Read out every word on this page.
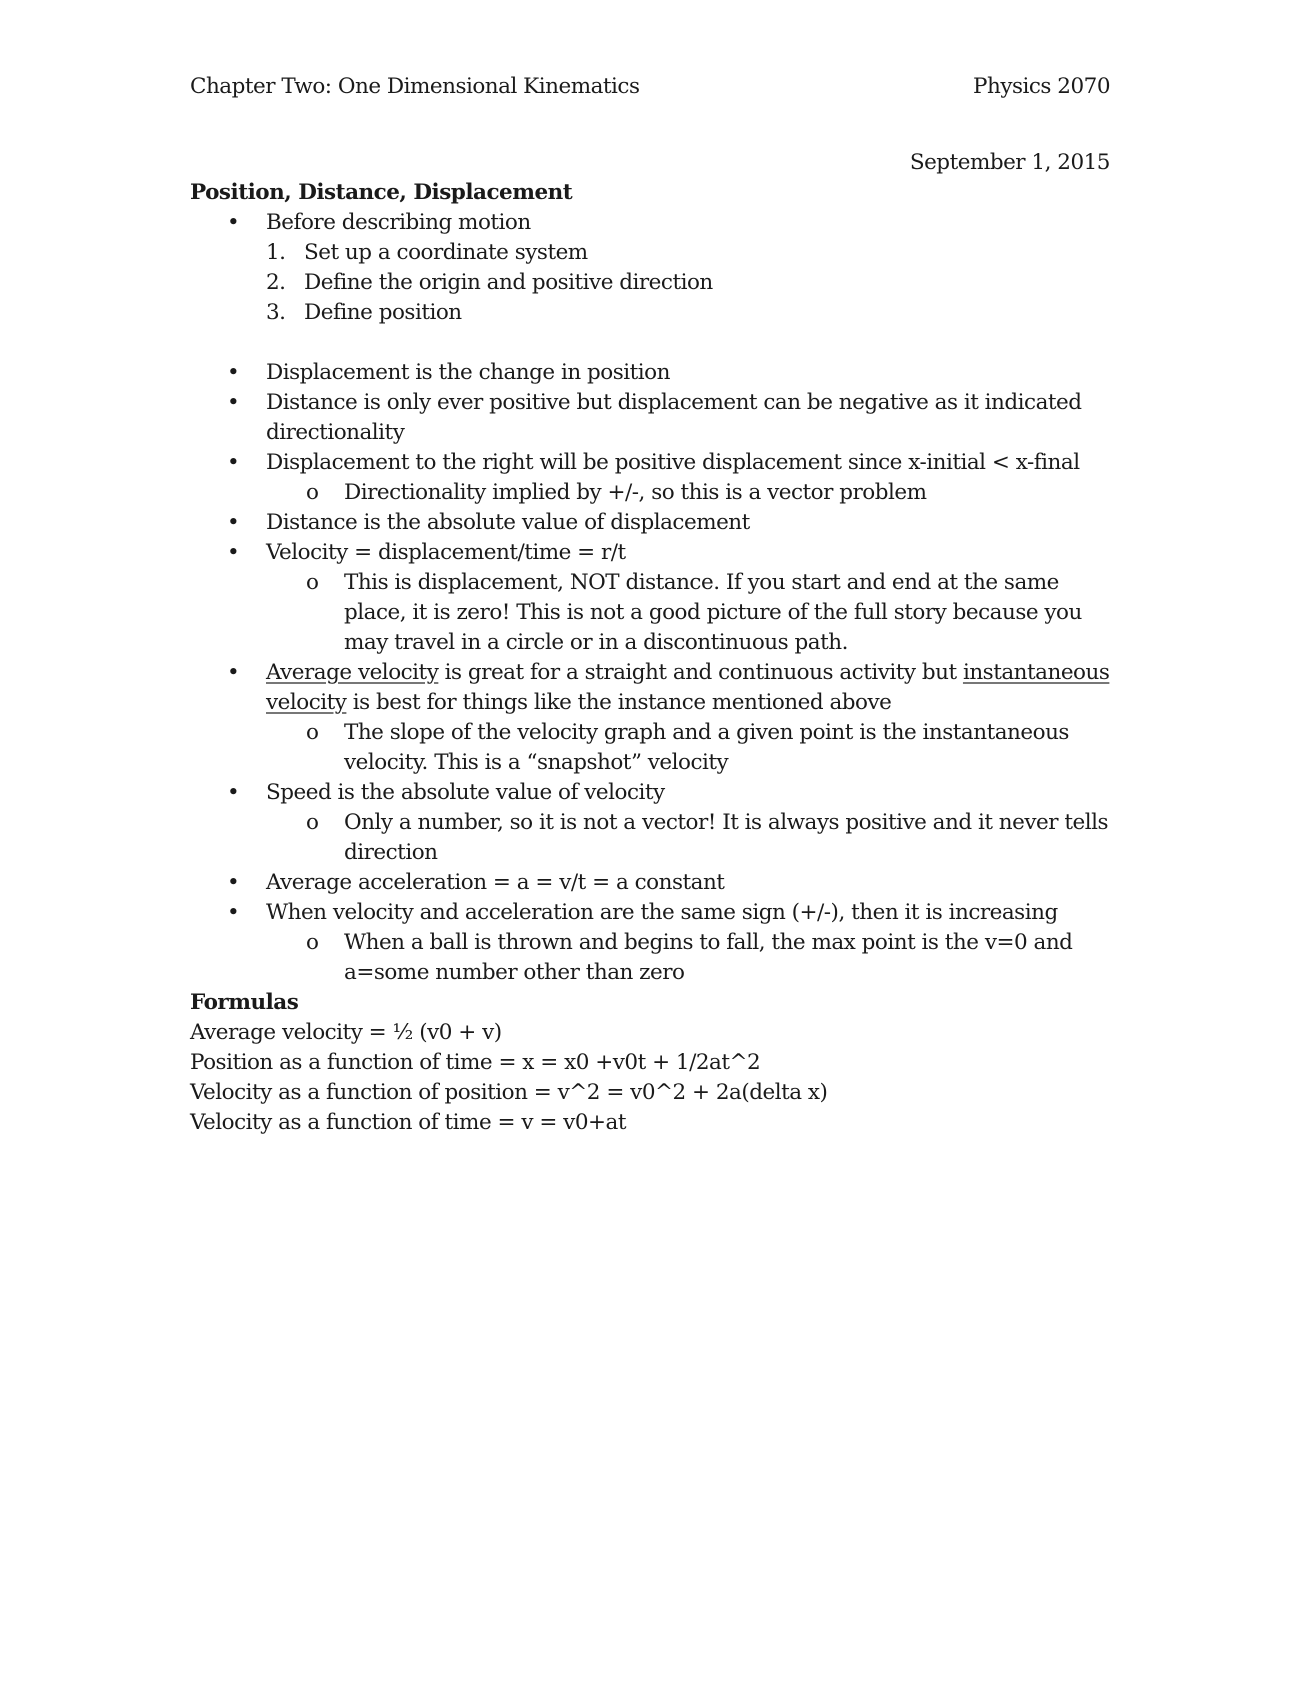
Chapter Two: One Dimensional Kinematics	Physics 2070
September 1, 2015
Position, Distance, Displacement
• Before describing motion
1. Set up a coordinate system
2. Define the origin and positive direction
3. Define position
• Displacement is the change in position
• Distance is only ever positive but displacement can be negative as it indicated directionality
• Displacement to the right will be positive displacement since x-initial < x-final
o Directionality implied by +/-, so this is a vector problem
• Distance is the absolute value of displacement
• Velocity = displacement/time = r/t
o This is displacement, NOT distance. If you start and end at the same place, it is zero! This is not a good picture of the full story because you may travel in a circle or in a discontinuous path.
• Average velocity is great for a straight and continuous activity but instantaneous velocity is best for things like the instance mentioned above
o The slope of the velocity graph and a given point is the instantaneous velocity. This is a “snapshot” velocity
• Speed is the absolute value of velocity
o Only a number, so it is not a vector! It is always positive and it never tells direction
• Average acceleration = a = v/t = a constant
• When velocity and acceleration are the same sign (+/-), then it is increasing
o When a ball is thrown and begins to fall, the max point is the v=0 and a=some number other than zero
Formulas
Average velocity = ½ (v0 + v)
Position as a function of time = x = x0 +v0t + 1/2at^2
Velocity as a function of position = v^2 = v0^2 + 2a(delta x)
Velocity as a function of time = v = v0+at
